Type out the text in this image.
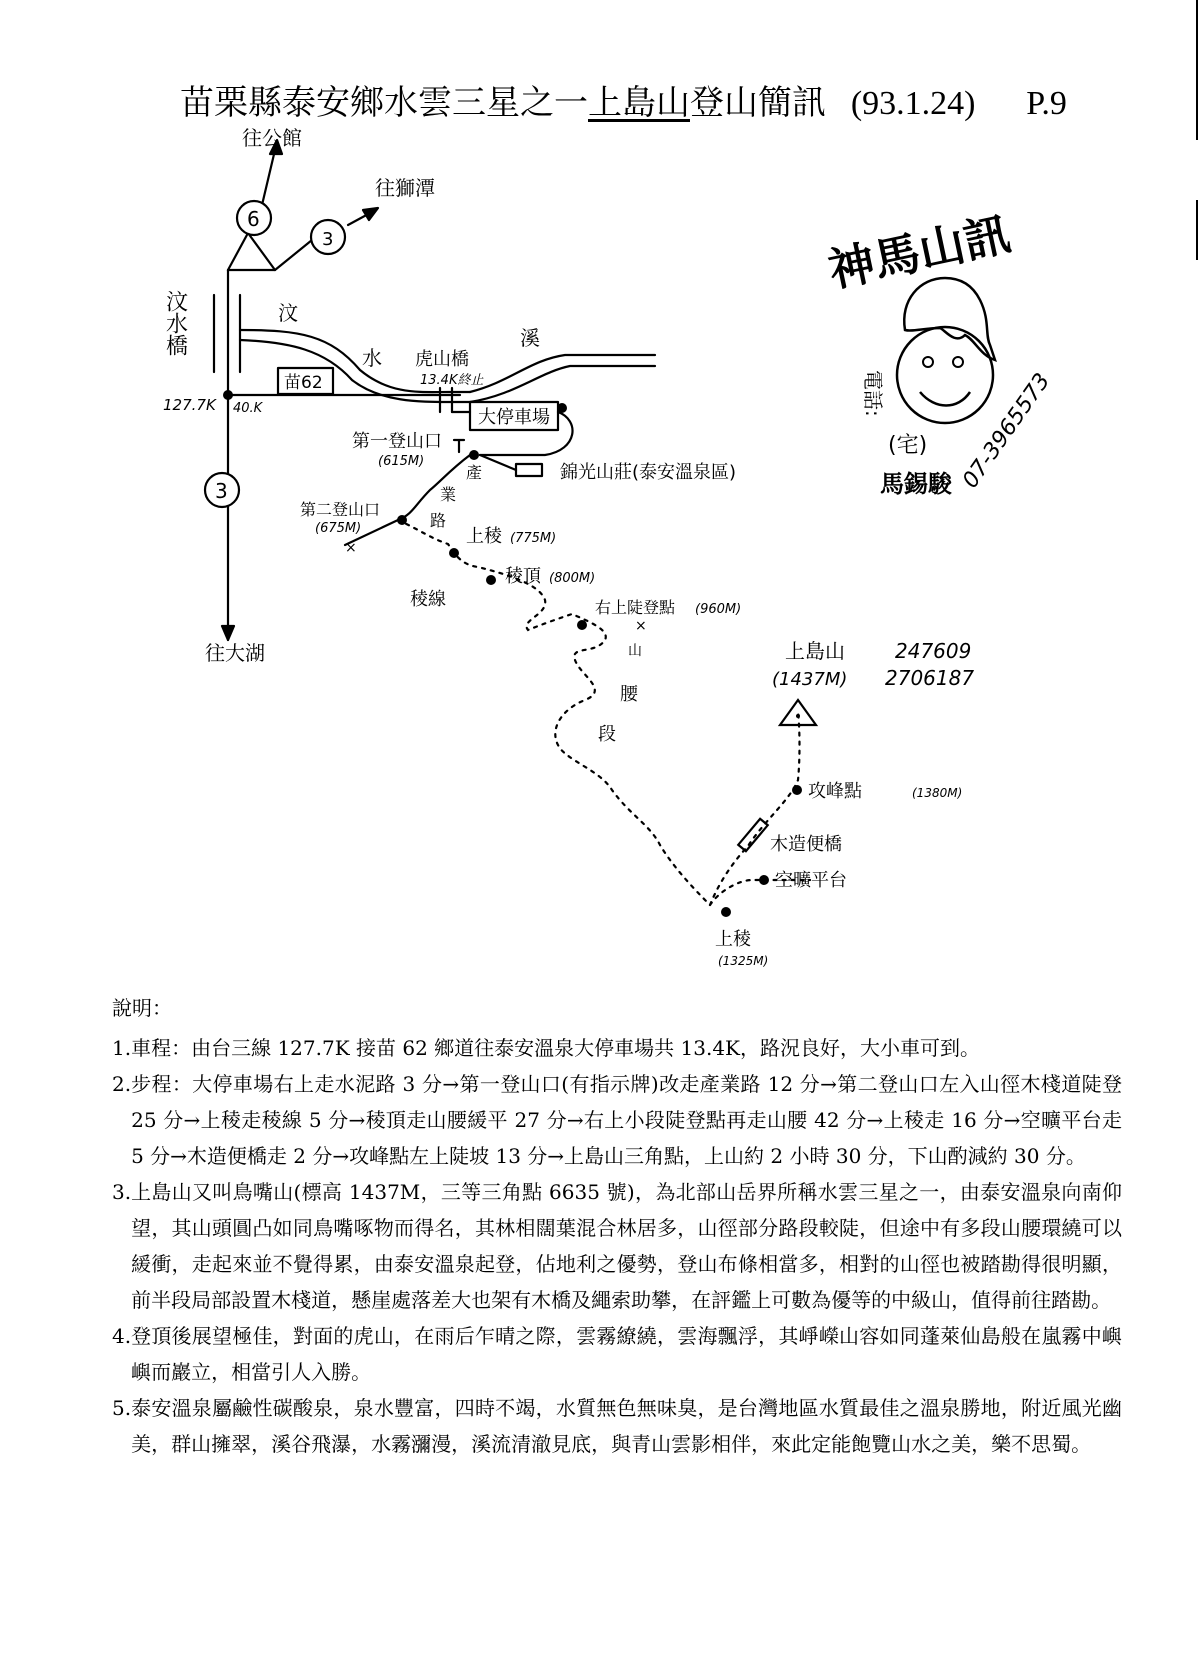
苗栗縣泰安鄉水雲三星之一上島山登山簡訊 (93.1.24) P.9
往公館
往獅潭
往大湖
6
3
3
汶水橋	汶
水
溪
127.7K 40.K
苗62
虎山橋
13.4K終止
大停車場
第一登山口
(615M)
第二登山口
(675M)
×
產
業
路
錦光山莊(泰安溫泉區)
上稜 (775M)
稜線
稜頂 (800M)
右上陡登點 (960M)
×
山
腰
段
上島山
(1437M)
247609
2706187
攻峰點	(1380M)
木造便橋
空曠平台
上稜
(1325M)
神馬山訊
電話:
(宅) 07-3965573
馬錫駿
說明：
1. 車程：由台三線 127.7K 接苗 62 鄉道往泰安溫泉大停車場共 13.4K，路況良好，大小車可到。
2. 步程：大停車場右上走水泥路 3 分→第一登山口(有指示牌)改走產業路 12 分→第二登山口左入山徑木棧道陡登 25 分→上稜走稜線 5 分→稜頂走山腰緩平 27 分→右上小段陡登點再走山腰 42 分→上稜走 16 分→空曠平台走 5 分→木造便橋走 2 分→攻峰點左上陡坡 13 分→上島山三角點，上山約 2 小時 30 分，下山酌減約 30 分。
3. 上島山又叫鳥嘴山(標高 1437M，三等三角點 6635 號)，為北部山岳界所稱水雲三星之一，由泰安溫泉向南仰望，其山頭圓凸如同鳥嘴啄物而得名，其林相闊葉混合林居多，山徑部分路段較陡，但途中有多段山腰環繞可以緩衝，走起來並不覺得累，由泰安溫泉起登，佔地利之優勢，登山布條相當多，相對的山徑也被踏勘得很明顯，前半段局部設置木棧道，懸崖處落差大也架有木橋及繩索助攀，在評鑑上可數為優等的中級山，值得前往踏勘。
4. 登頂後展望極佳，對面的虎山，在雨后乍晴之際，雲霧繚繞，雲海飄浮，其崢嶸山容如同蓬萊仙島般在嵐霧中嶼嶼而巖立，相當引人入勝。
5. 泰安溫泉屬鹼性碳酸泉，泉水豐富，四時不竭，水質無色無味臭，是台灣地區水質最佳之溫泉勝地，附近風光幽美，群山擁翠，溪谷飛瀑，水霧瀰漫，溪流清澈見底，與青山雲影相伴，來此定能飽覽山水之美，樂不思蜀。
